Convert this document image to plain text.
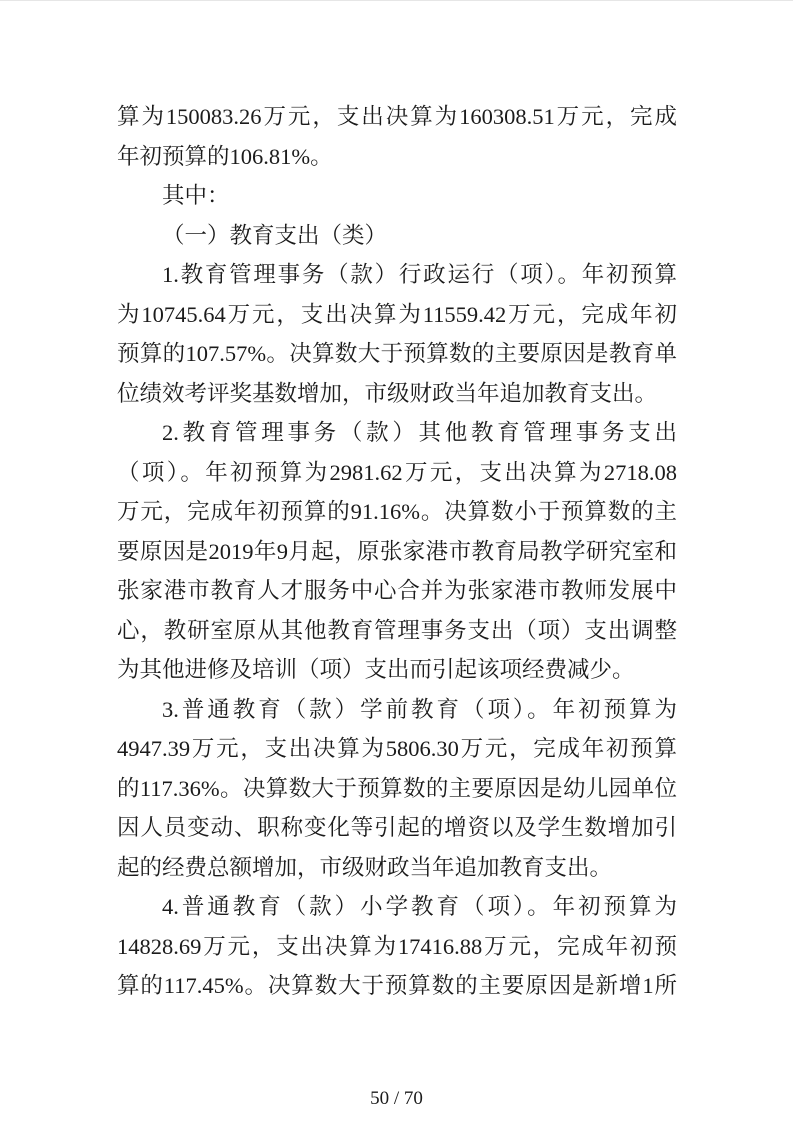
算为150083.26万元，支出决算为160308.51万元，完成
年初预算的106.81%。
其中：
（一）教育支出（类）
1.教育管理事务（款）行政运行（项）。年初预算
为10745.64万元，支出决算为11559.42万元，完成年初
预算的107.57%。决算数大于预算数的主要原因是教育单
位绩效考评奖基数增加，市级财政当年追加教育支出。
2.教育管理事务（款）其他教育管理事务支出
（项）。年初预算为2981.62万元，支出决算为2718.08
万元，完成年初预算的91.16%。决算数小于预算数的主
要原因是2019年9月起，原张家港市教育局教学研究室和
张家港市教育人才服务中心合并为张家港市教师发展中
心，教研室原从其他教育管理事务支出（项）支出调整
为其他进修及培训（项）支出而引起该项经费减少。
3.普通教育（款）学前教育（项）。年初预算为
4947.39万元，支出决算为5806.30万元，完成年初预算
的117.36%。决算数大于预算数的主要原因是幼儿园单位
因人员变动、职称变化等引起的增资以及学生数增加引
起的经费总额增加，市级财政当年追加教育支出。
4.普通教育（款）小学教育（项）。年初预算为
14828.69万元，支出决算为17416.88万元，完成年初预
算的117.45%。决算数大于预算数的主要原因是新增1所
50 / 70
